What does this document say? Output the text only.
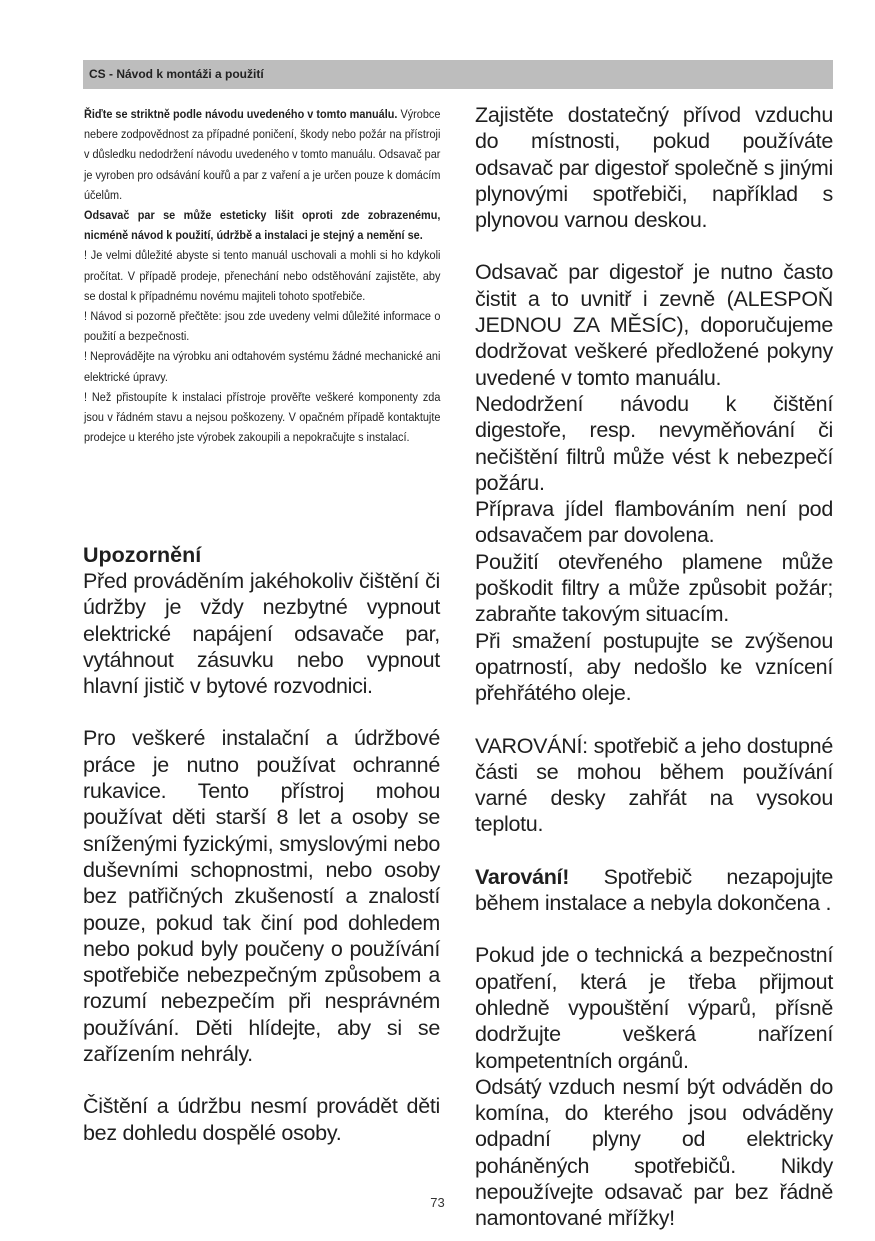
CS - Návod k montáži a použití

Řiďte se striktně podle návodu uvedeného v tomto manuálu. Výrobce nebere zodpovědnost za případné poničení, škody nebo požár na přístroji v důsledku nedodržení návodu uvedeného v tomto manuálu. Odsavač par je vyroben pro odsávání kouřů a par z vaření a je určen pouze k domácím účelům.

Odsavač par se může esteticky lišit oproti zde zobrazenému, nicméně návod k použití, údržbě a instalaci je stejný a nemění se.

! Je velmi důležité abyste si tento manuál uschovali a mohli si ho kdykoli pročítat. V případě prodeje, přenechání nebo odstěhování zajistěte, aby se dostal k případnému novému majiteli tohoto spotřebiče.

! Návod si pozorně přečtěte: jsou zde uvedeny velmi důležité informace o použití a bezpečnosti.

! Neprovádějte na výrobku ani odtahovém systému žádné mechanické ani elektrické úpravy.

! Než přistoupíte k instalaci přístroje prověřte veškeré komponenty zda jsou v řádném stavu a nejsou poškozeny. V opačném případě kontaktujte prodejce u kterého jste výrobek zakoupili a nepokračujte s instalací.

Upozornění

Před prováděním jakéhokoliv čištění či údržby je vždy nezbytné vypnout elektrické napájení odsavače par, vytáhnout zásuvku nebo vypnout hlavní jistič v bytové rozvodnici.

Pro veškeré instalační a údržbové práce je nutno používat ochranné rukavice. Tento přístroj mohou používat děti starší 8 let a osoby se sníženými fyzickými, smyslovými nebo duševními schopnostmi, nebo osoby bez patřičných zkušeností a znalostí pouze, pokud tak činí pod dohledem nebo pokud byly poučeny o používání spotřebiče nebezpečným způsobem a rozumí nebezpečím při nesprávném používání. Děti hlídejte, aby si se zařízením nehrály.

Čištění a údržbu nesmí provádět děti bez dohledu dospělé osoby.

Zajistěte dostatečný přívod vzduchu do místnosti, pokud používáte odsavač par digestoř společně s jinými plynovými spotřebiči, například s plynovou varnou deskou.

Odsavač par digestoř je nutno často čistit a to uvnitř i zevně (ALESPOŇ JEDNOU ZA MĚSÍC), doporučujeme dodržovat veškeré předložené pokyny uvedené v tomto manuálu.

Nedodržení návodu k čištění digestoře, resp. nevyměňování či nečištění filtrů může vést k nebezpečí požáru.

Příprava jídel flambováním není pod odsavačem par dovolena.

Použití otevřeného plamene může poškodit filtry a může způsobit požár; zabraňte takovým situacím.

Při smažení postupujte se zvýšenou opatrností, aby nedošlo ke vznícení přehřátého oleje.

VAROVÁNÍ: spotřebič a jeho dostupné části se mohou během používání varné desky zahřát na vysokou teplotu.

Varování! Spotřebič nezapojujte během instalace a nebyla dokončena .

Pokud jde o technická a bezpečnostní opatření, která je třeba přijmout ohledně vypouštění výparů, přísně dodržujte veškerá nařízení kompetentních orgánů.

Odsátý vzduch nesmí být odváděn do komína, do kterého jsou odváděny odpadní plyny od elektricky poháněných spotřebičů. Nikdy nepoužívejte odsavač par bez řádně namontované mřížky!

73
